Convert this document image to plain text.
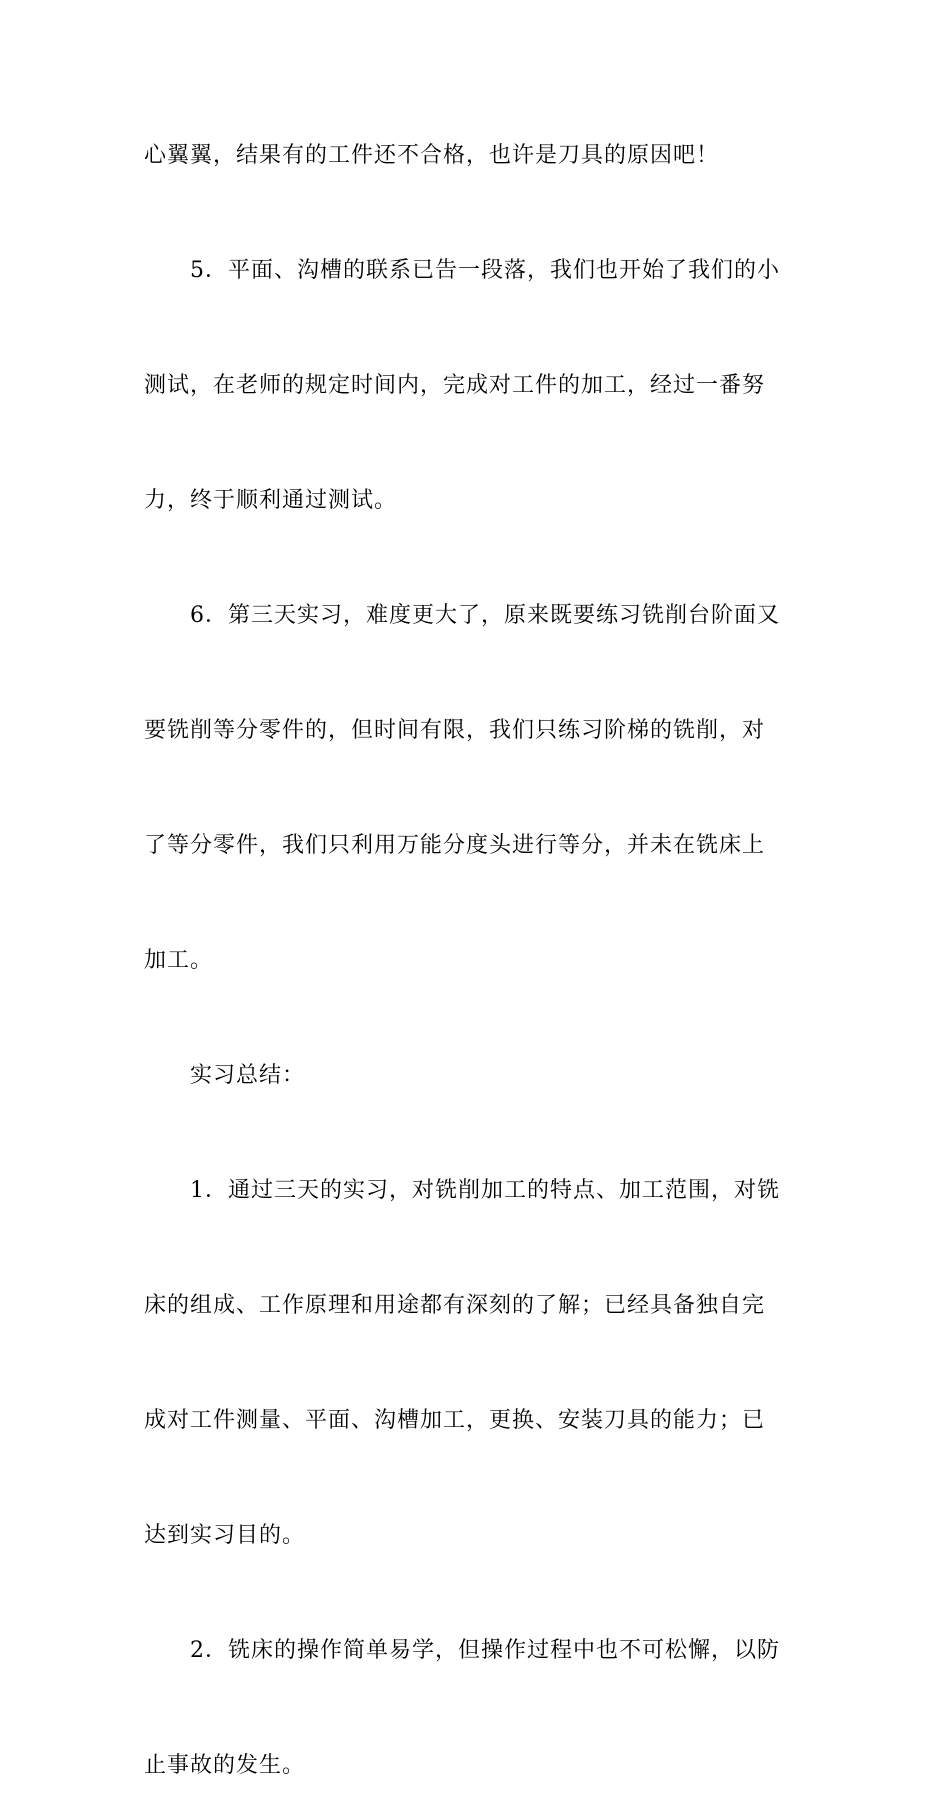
心翼翼，结果有的工件还不合格，也许是刀具的原因吧！

5．平面、沟槽的联系已告一段落，我们也开始了我们的小

测试，在老师的规定时间内，完成对工件的加工，经过一番努

力，终于顺利通过测试。

6．第三天实习，难度更大了，原来既要练习铣削台阶面又

要铣削等分零件的，但时间有限，我们只练习阶梯的铣削，对

了等分零件，我们只利用万能分度头进行等分，并未在铣床上

加工。

实习总结：

1．通过三天的实习，对铣削加工的特点、加工范围，对铣

床的组成、工作原理和用途都有深刻的了解；已经具备独自完

成对工件测量、平面、沟槽加工，更换、安装刀具的能力；已

达到实习目的。

2．铣床的操作简单易学，但操作过程中也不可松懈，以防

止事故的发生。
